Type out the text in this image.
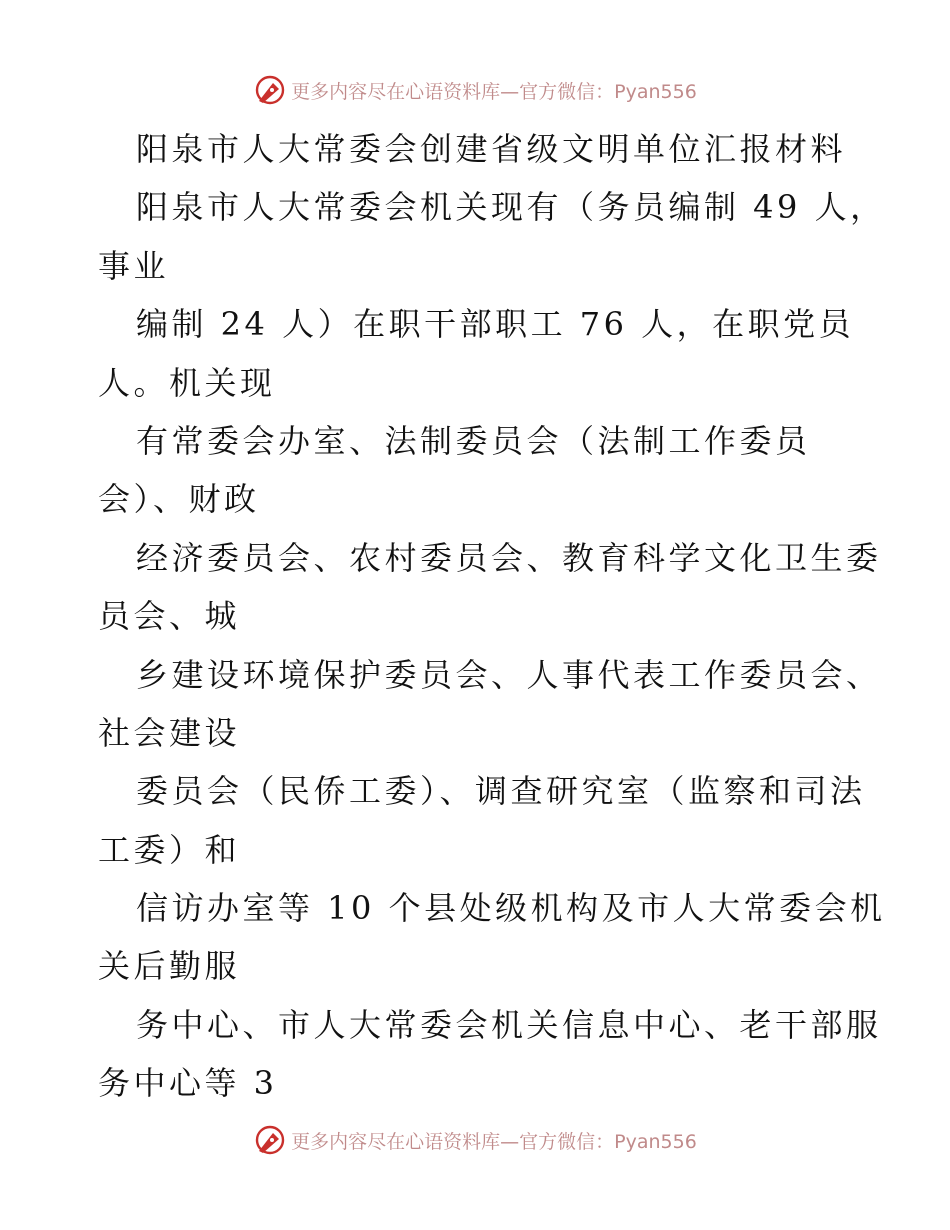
更多内容尽在心语资料库—官方微信：Pyan556
阳泉市人大常委会创建省级文明单位汇报材料
阳泉市人大常委会机关现有（务员编制 49 人，
事业
编制 24 人）在职干部职工 76 人，在职党员
人。机关现
有常委会办室、法制委员会（法制工作委员
会）、财政
经济委员会、农村委员会、教育科学文化卫生委
员会、城
乡建设环境保护委员会、人事代表工作委员会、
社会建设
委员会（民侨工委）、调查研究室（监察和司法
工委）和
信访办室等 10 个县处级机构及市人大常委会机
关后勤服
务中心、市人大常委会机关信息中心、老干部服
务中心等 3
更多内容尽在心语资料库—官方微信：Pyan556
